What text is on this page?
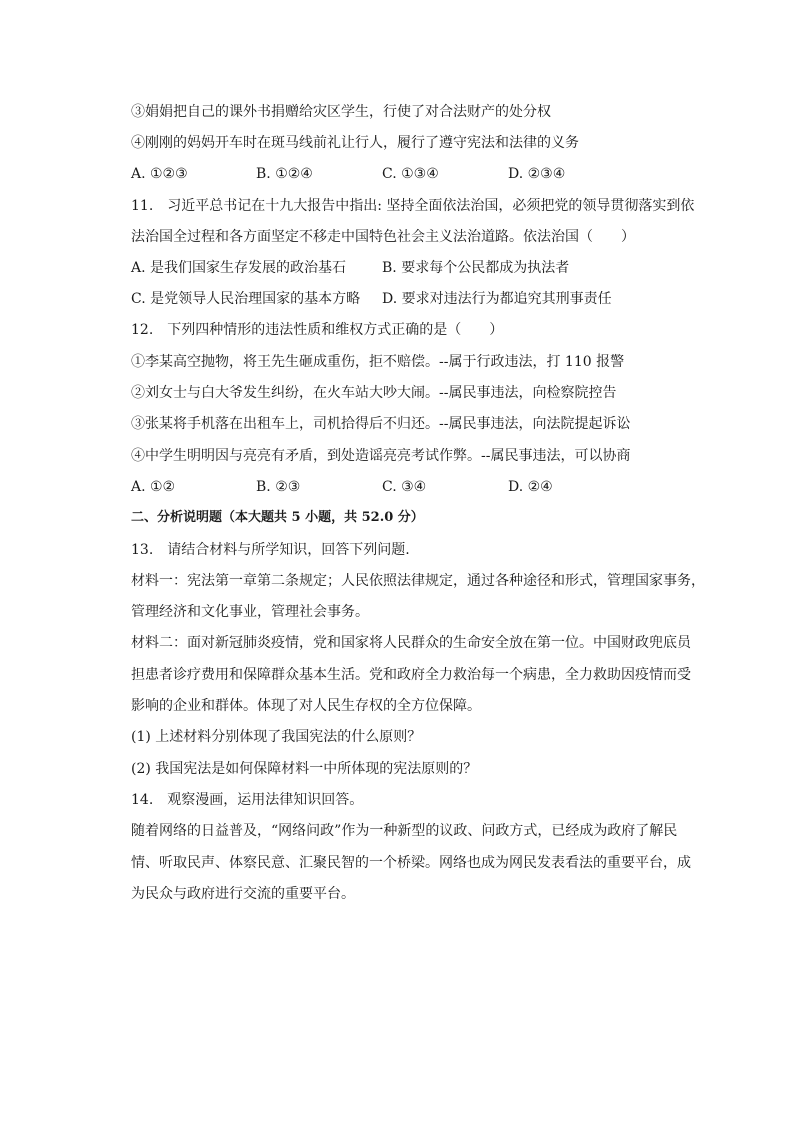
③娟娟把自己的课外书捐赠给灾区学生，行使了对合法财产的处分权
④刚刚的妈妈开车时在斑马线前礼让行人，履行了遵守宪法和法律的义务
A. ①②③	B. ①②④	C. ①③④	D. ②③④
11.　习近平总书记在十九大报告中指出: 坚持全面依法治国，必须把党的领导贯彻落实到依
法治国全过程和各方面坚定不移走中国特色社会主义法治道路。依法治国（　　）
A. 是我们国家生存发展的政治基石	B. 要求每个公民都成为执法者
C. 是党领导人民治理国家的基本方略 D. 要求对违法行为都追究其刑事责任
12.　下列四种情形的违法性质和维权方式正确的是（　　）
①李某高空抛物，将王先生砸成重伤，拒不赔偿。--属于行政违法，打 110 报警
②刘女士与白大爷发生纠纷，在火车站大吵大闹。--属民事违法，向检察院控告
③张某将手机落在出租车上，司机拾得后不归还。--属民事违法，向法院提起诉讼
④中学生明明因与亮亮有矛盾，到处造谣亮亮考试作弊。--属民事违法，可以协商
A. ①②	B. ②③	C. ③④	D. ②④
二、分析说明题（本大题共 5 小题，共 52.0 分）
13.　请结合材料与所学知识，回答下列问题.
材料一：宪法第一章第二条规定；人民依照法律规定，通过各种途径和形式，管理国家事务，
管理经济和文化事业，管理社会事务。
材料二：面对新冠肺炎疫情，党和国家将人民群众的生命安全放在第一位。中国财政兜底员
担患者诊疗费用和保障群众基本生活。党和政府全力救治每一个病患，全力救助因疫情而受
影响的企业和群体。体现了对人民生存权的全方位保障。
(1) 上述材料分别体现了我国宪法的什么原则？
(2) 我国宪法是如何保障材料一中所体现的宪法原则的？
14.　观察漫画，运用法律知识回答。
随着网络的日益普及，“网络问政”作为一种新型的议政、问政方式，已经成为政府了解民
情、听取民声、体察民意、汇聚民智的一个桥梁。网络也成为网民发表看法的重要平台，成
为民众与政府进行交流的重要平台。
